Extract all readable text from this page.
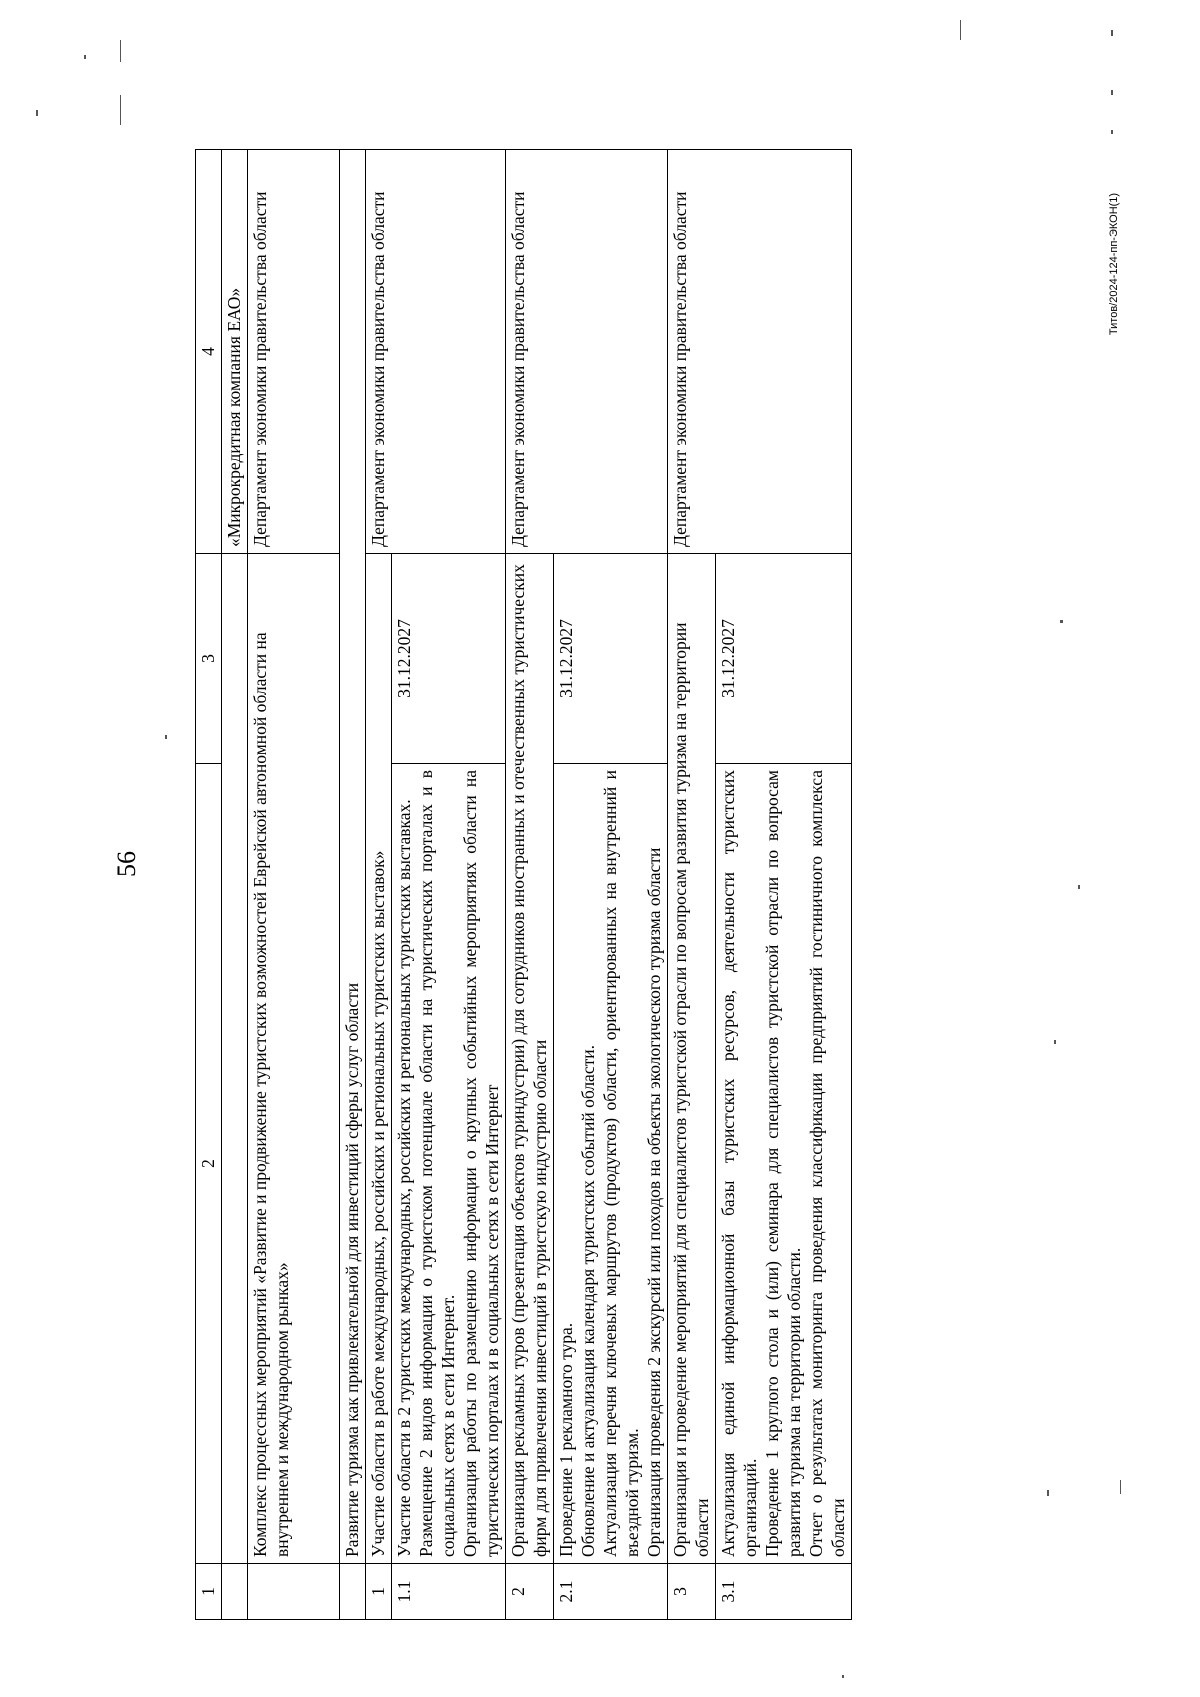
56
Титов/2024-124-пп-ЭКОН(1)
1	2	3	4
			«Микрокредитная компания ЕАО»
	Комплекс процессных мероприятий «Развитие и продвижение туристских возможностей Еврейской автономной области на внутреннем и международном рынках»		Департамент экономики правительства области
	Развитие туризма как привлекательной для инвестиций сферы услуг области		
1	Участие области в работе международных, российских и региональных туристских выставок»		Департамент экономики правительства области
1.1	Участие области в 2 туристских международных, российских и региональных туристских выставках. Размещение 2 видов информации о туристском потенциале области на туристических порталах и в социальных сетях в сети Интернет. Организация работы по размещению информации о крупных событийных мероприятиях области на туристических порталах и в социальных сетях в сети Интернет	31.12.2027	
2	Организация рекламных туров (презентация объектов туриндустрии) для сотрудников иностранных и отечественных туристических фирм для привлечения инвестиций в туристскую индустрию области		Департамент экономики правительства области
2.1	Проведение 1 рекламного тура. Обновление и актуализация календаря туристских событий области. Актуализация перечня ключевых маршрутов (продуктов) области, ориентированных на внутренний и въездной туризм. Организация проведения 2 экскурсий или походов на объекты экологического туризма области	31.12.2027	
3	Организация и проведение мероприятий для специалистов туристской отрасли по вопросам развития туризма на территории области		Департамент экономики правительства области
3.1	Актуализация единой информационной базы туристских ресурсов, деятельности туристских организаций. Проведение 1 круглого стола и (или) семинара для специалистов туристской отрасли по вопросам развития туризма на территории области. Отчет о результатах мониторинга проведения классификации предприятий гостиничного комплекса области	31.12.2027	
